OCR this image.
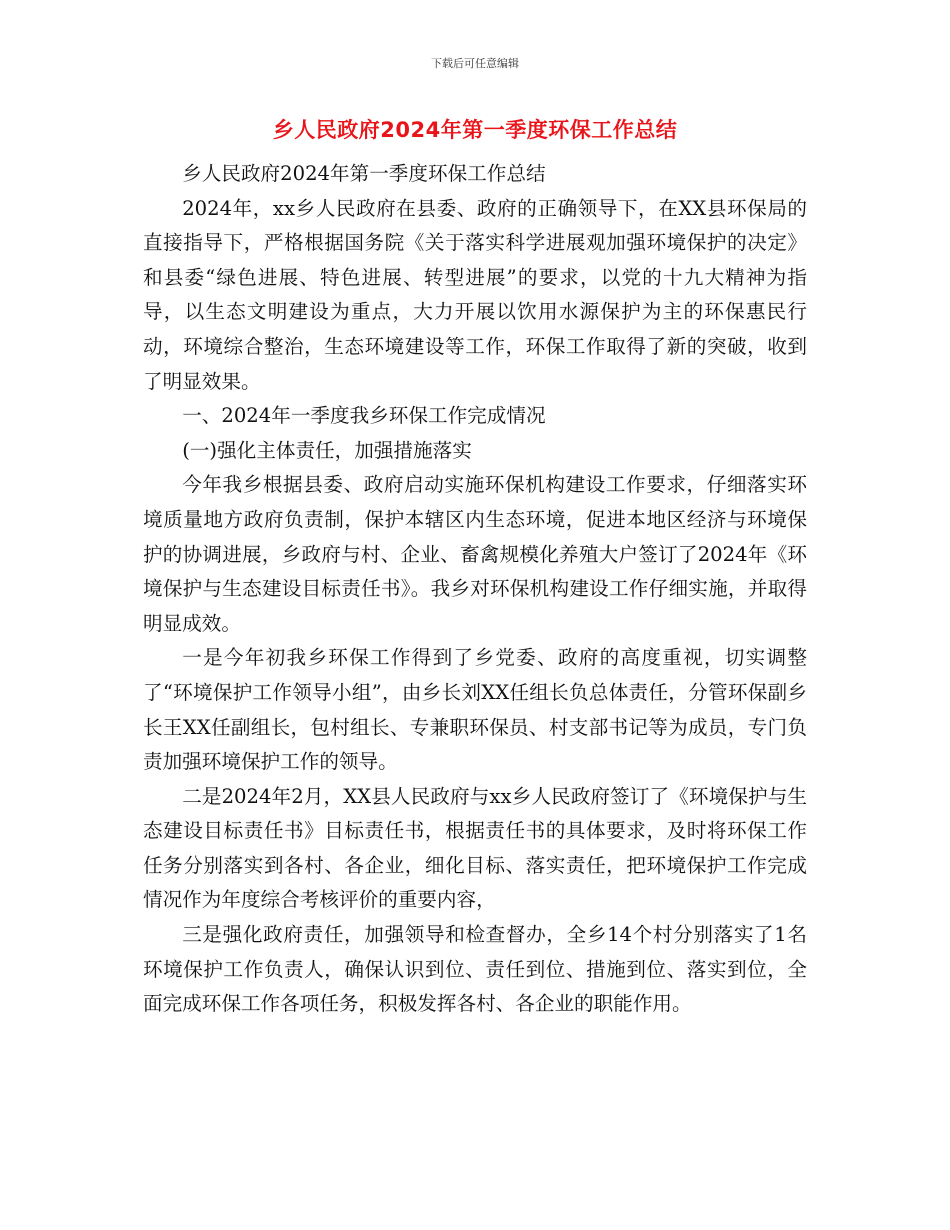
下载后可任意编辑
乡人民政府2024年第一季度环保工作总结

乡人民政府2024年第一季度环保工作总结

2024年，xx乡人民政府在县委、政府的正确领导下，在XX县环保局的直接指导下，严格根据国务院《关于落实科学进展观加强环境保护的决定》和县委“绿色进展、特色进展、转型进展”的要求，以党的十九大精神为指导，以生态文明建设为重点，大力开展以饮用水源保护为主的环保惠民行动，环境综合整治，生态环境建设等工作，环保工作取得了新的突破，收到了明显效果。

一、2024年一季度我乡环保工作完成情况

(一)强化主体责任，加强措施落实

今年我乡根据县委、政府启动实施环保机构建设工作要求，仔细落实环境质量地方政府负责制，保护本辖区内生态环境，促进本地区经济与环境保护的协调进展，乡政府与村、企业、畜禽规模化养殖大户签订了2024年《环境保护与生态建设目标责任书》。我乡对环保机构建设工作仔细实施，并取得明显成效。

一是今年初我乡环保工作得到了乡党委、政府的高度重视，切实调整了“环境保护工作领导小组”，由乡长刘XX任组长负总体责任，分管环保副乡长王XX任副组长，包村组长、专兼职环保员、村支部书记等为成员，专门负责加强环境保护工作的领导。

二是2024年2月，XX县人民政府与xx乡人民政府签订了《环境保护与生态建设目标责任书》目标责任书，根据责任书的具体要求，及时将环保工作任务分别落实到各村、各企业，细化目标、落实责任，把环境保护工作完成情况作为年度综合考核评价的重要内容，

三是强化政府责任，加强领导和检查督办，全乡14个村分别落实了1名环境保护工作负责人，确保认识到位、责任到位、措施到位、落实到位，全面完成环保工作各项任务，积极发挥各村、各企业的职能作用。
